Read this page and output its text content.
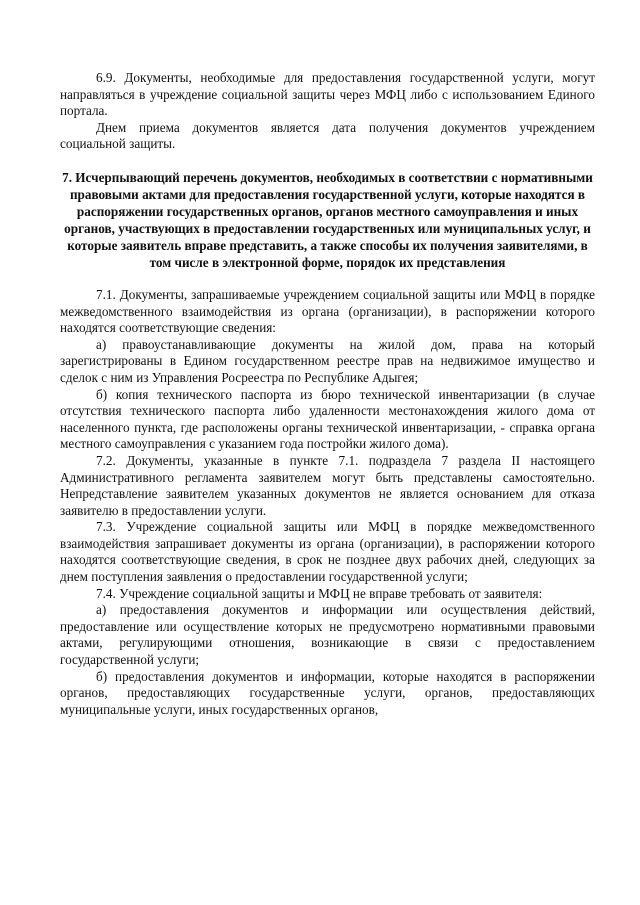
6.9. Документы, необходимые для предоставления государственной услуги, могут направляться в учреждение социальной защиты через МФЦ либо с использованием Единого портала.

Днем приема документов является дата получения документов учреждением социальной защиты.

7. Исчерпывающий перечень документов, необходимых в соответствии с нормативными правовыми актами для предоставления государственной услуги, которые находятся в распоряжении государственных органов, органов местного самоуправления и иных органов, участвующих в предоставлении государственных или муниципальных услуг, и которые заявитель вправе представить, а также способы их получения заявителями, в том числе в электронной форме, порядок их представления

7.1. Документы, запрашиваемые учреждением социальной защиты или МФЦ в порядке межведомственного взаимодействия из органа (организации), в распоряжении которого находятся соответствующие сведения:

а) правоустанавливающие документы на жилой дом, права на который зарегистрированы в Едином государственном реестре прав на недвижимое имущество и сделок с ним из Управления Росреестра по Республике Адыгея;

б) копия технического паспорта из бюро технической инвентаризации (в случае отсутствия технического паспорта либо удаленности местонахождения жилого дома от населенного пункта, где расположены органы технической инвентаризации, - справка органа местного самоуправления с указанием года постройки жилого дома).

7.2. Документы, указанные в пункте 7.1. подраздела 7 раздела II настоящего Административного регламента заявителем могут быть представлены самостоятельно. Непредставление заявителем указанных документов не является основанием для отказа заявителю в предоставлении услуги.

7.3. Учреждение социальной защиты или МФЦ в порядке межведомственного взаимодействия запрашивает документы из органа (организации), в распоряжении которого находятся соответствующие сведения, в срок не позднее двух рабочих дней, следующих за днем поступления заявления о предоставлении государственной услуги;

7.4. Учреждение социальной защиты и МФЦ не вправе требовать от заявителя:

а) предоставления документов и информации или осуществления действий, предоставление или осуществление которых не предусмотрено нормативными правовыми актами, регулирующими отношения, возникающие в связи с предоставлением государственной услуги;

б) предоставления документов и информации, которые находятся в распоряжении органов, предоставляющих государственные услуги, органов, предоставляющих муниципальные услуги, иных государственных органов,
